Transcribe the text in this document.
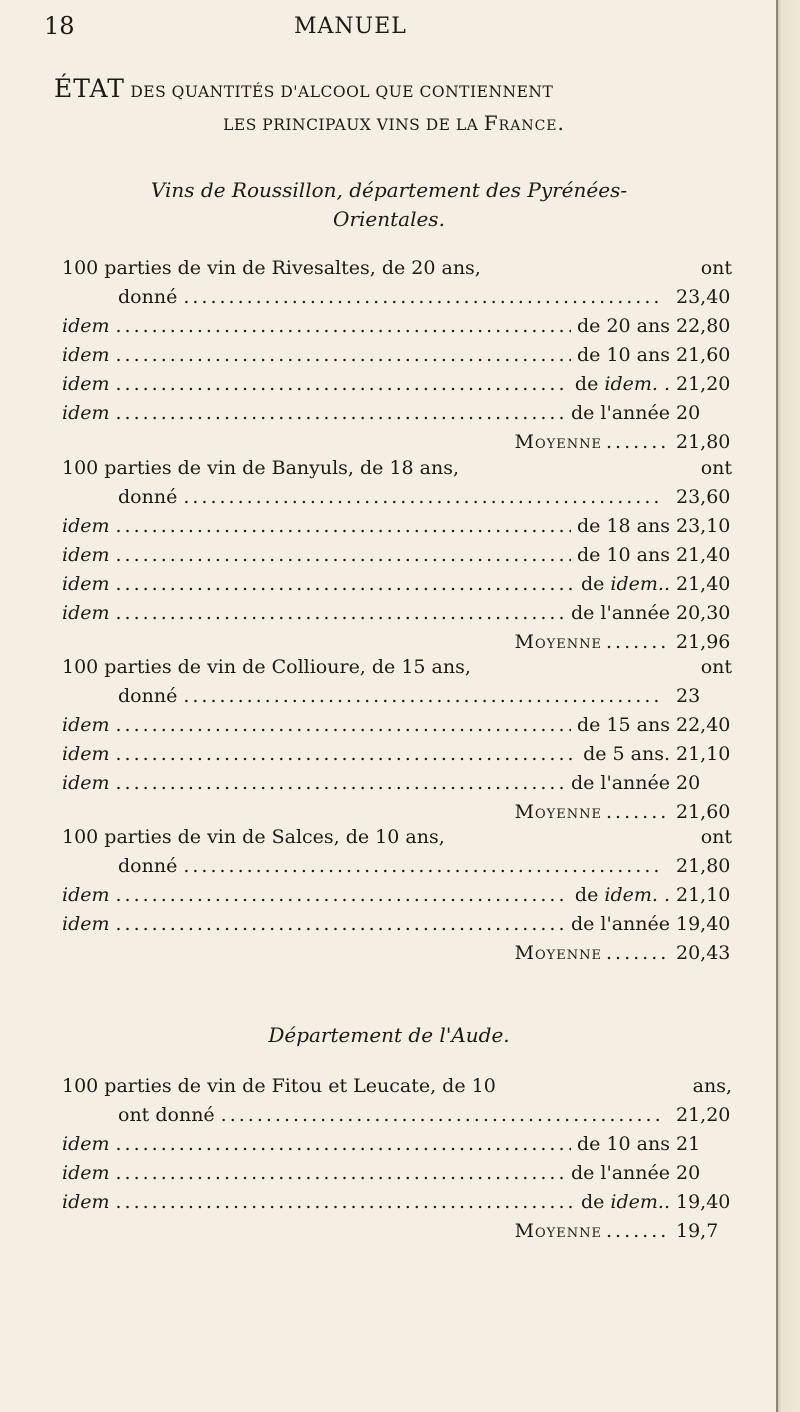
18	MANUEL
ÉTAT DES QUANTITÉS D'ALCOOL QUE CONTIENNENT
LES PRINCIPAUX VINS DE LA France.
Vins de Roussillon, département des Pyrénées-
Orientales.
100 parties de vin de Rivesaltes, de 20 ans,	ont
donné .....	23,40
idem .....	de 20 ans 22,80
idem .....	de 10 ans 21,60
idem .....	de idem. . 21,20
idem .....	de l'année 20
Moyenne .....	21,80
100 parties de vin de Banyuls, de 18 ans,	ont
donné .....	23,60
idem .....	de 18 ans 23,10
idem .....	de 10 ans 21,40
idem .....	de idem.. 21,40
idem .....	de l'année 20,30
Moyenne .....	21,96
100 parties de vin de Collioure, de 15 ans,	ont
donné .....	23
idem .....	de 15 ans 22,40
idem .....	de 5 ans. 21,10
idem .....	de l'année 20
Moyenne .....	21,60
100 parties de vin de Salces, de 10 ans,	ont
donné .....	21,80
idem .....	de idem. . 21,10
idem .....	de l'année 19,40
Moyenne .....	20,43
Département de l'Aude.
100 parties de vin de Fitou et Leucate, de 10	ans,
ont donné .....	21,20
idem .....	de 10 ans 21
idem .....	de l'année 20
idem .....	de idem.. 19,40
Moyenne .....	19,7
